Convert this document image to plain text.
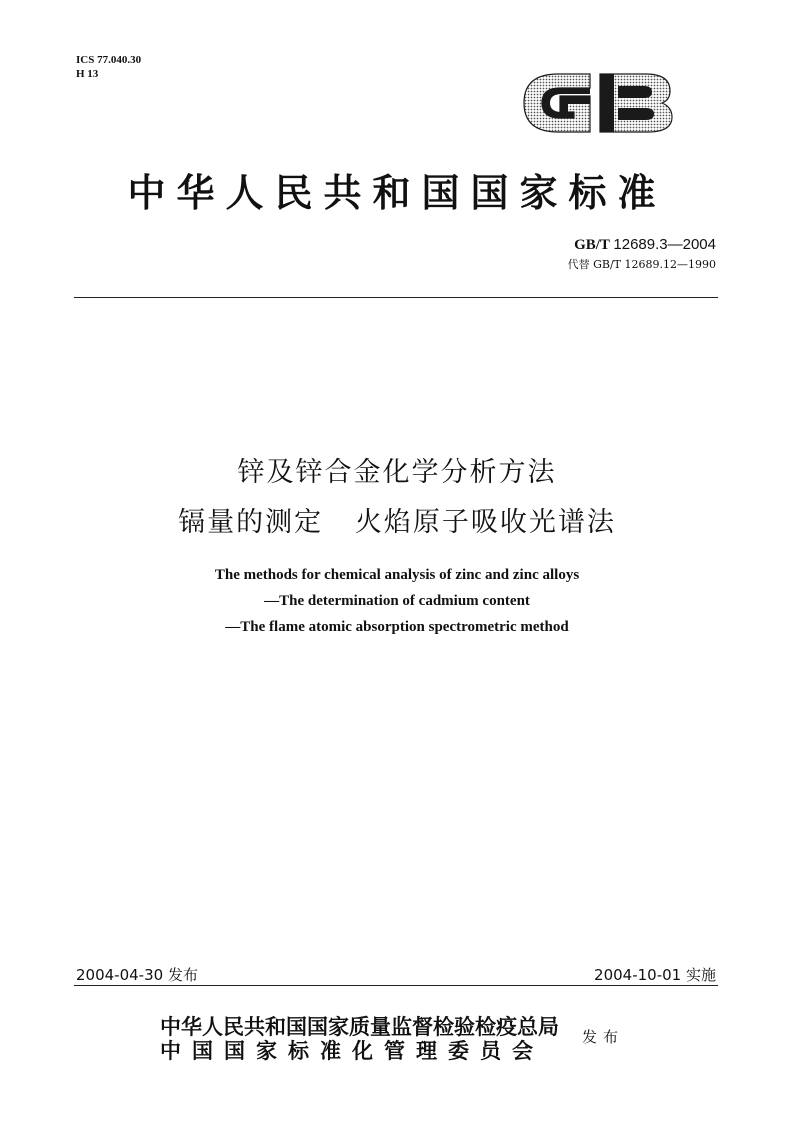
ICS 77.040.30
H 13
中华人民共和国国家标准
GB/T 12689.3—2004
代替 GB/T 12689.12—1990
锌及锌合金化学分析方法
镉量的测定   火焰原子吸收光谱法
The methods for chemical analysis of zinc and zinc alloys
—The determination of cadmium content
—The flame atomic absorption spectrometric method
2004-04-30 发布	2004-10-01 实施
中华人民共和国国家质量监督检验检疫总局
中国国家标准化管理委员会
发布
